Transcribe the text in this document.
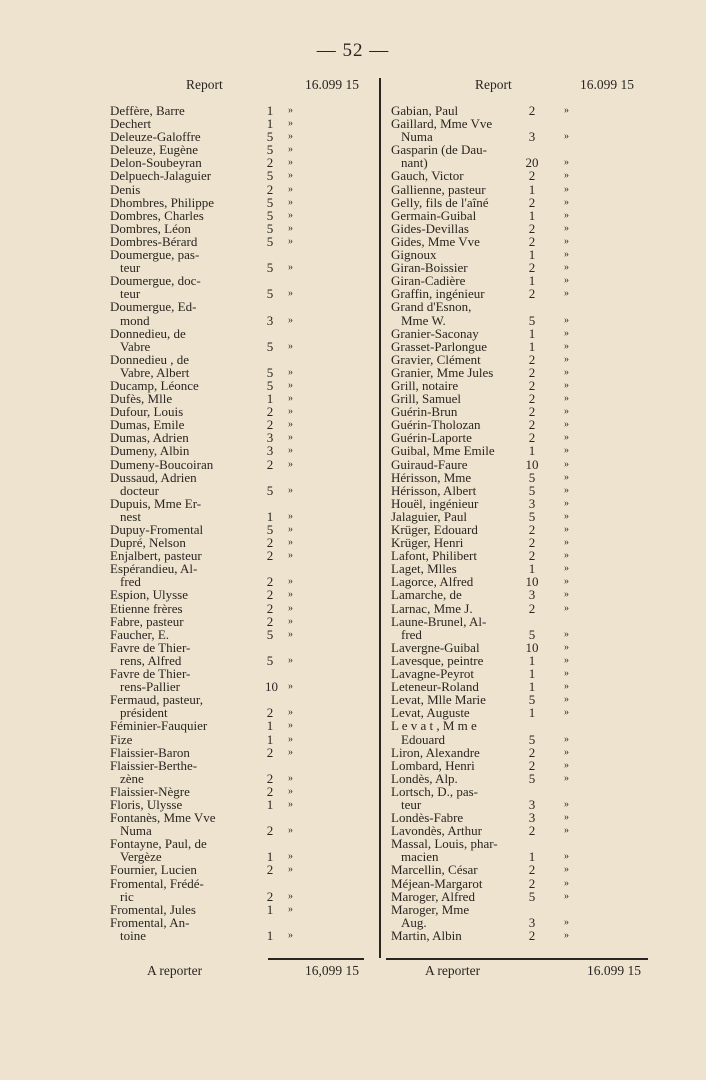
— 52 —
Report	16.099 15	Report	16.099 15
Deffère, Barre	1 »
Dechert	1 »
Deleuze-Galoffre	5 »
Deleuze, Eugène	5 »
Delon-Soubeyran	2 »
Delpuech-Jalaguier	5 »
Denis	2 »
Dhombres, Philippe	5 »
Dombres, Charles	5 »
Dombres, Léon	5 »
Dombres-Bérard	5 »
Doumergue, pas-
teur	5 »
Doumergue, doc-
teur	5 »
Doumergue, Ed-
mond	3 »
Donnedieu, de
Vabre	5 »
Donnedieu , de
Vabre, Albert	5 »
Ducamp, Léonce	5 »
Dufès, Mlle	1 »
Dufour, Louis	2 »
Dumas, Emile	2 »
Dumas, Adrien	3 »
Dumeny, Albin	3 »
Dumeny-Boucoiran	2 »
Dussaud, Adrien
docteur	5 »
Dupuis, Mme Er-
nest	1 »
Dupuy-Fromental	5 »
Dupré, Nelson	2 »
Enjalbert, pasteur	2 »
Espérandieu, Al-
fred	2 »
Espion, Ulysse	2 »
Etienne frères	2 »
Fabre, pasteur	2 »
Faucher, E.	5 »
Favre de Thier-
rens, Alfred	5 »
Favre de Thier-
rens-Pallier	10 »
Fermaud, pasteur,
président	2 »
Féminier-Fauquier	1 »
Fize	1 »
Flaissier-Baron	2 »
Flaissier-Berthe-
zène	2 »
Flaissier-Nègre	2 »
Floris, Ulysse	1 »
Fontanès, Mme Vve
Numa	2 »
Fontayne, Paul, de
Vergèze	1 »
Fournier, Lucien	2 »
Fromental, Frédé-
ric	2 »
Fromental, Jules	1 »
Fromental, An-
toine	1 »
Gabian, Paul	2	»
Gaillard, Mme Vve
Numa	3	»
Gasparin (de Dau-
nant)	20	»
Gauch, Victor	2	»
Gallienne, pasteur	1	»
Gelly, fils de l'aîné	2	»
Germain-Guibal	1	»
Gides-Devillas	2	»
Gides, Mme Vve	2	»
Gignoux	1	»
Giran-Boissier	2	»
Giran-Cadière	1	»
Graffin, ingénieur	2	»
Grand d'Esnon,
Mme W.	5	»
Granier-Saconay	1	»
Grasset-Parlongue	1	»
Gravier, Clément	2	»
Granier, Mme Jules	2	»
Grill, notaire	2	»
Grill, Samuel	2	»
Guérin-Brun	2	»
Guérin-Tholozan	2	»
Guérin-Laporte	2	»
Guibal, Mme Emile	1	»
Guiraud-Faure	10	»
Hérisson, Mme	5	»
Hérisson, Albert	5	»
Houël, ingénieur	3	»
Jalaguier, Paul	5	»
Krüger, Edouard	2	»
Krüger, Henri	2	»
Lafont, Philibert	2	»
Laget, Mlles	1	»
Lagorce, Alfred	10	»
Lamarche, de	3	»
Larnac, Mme J.	2	»
Laune-Brunel, Al-
fred	5	»
Lavergne-Guibal	10	»
Lavesque, peintre	1	»
Lavagne-Peyrot	1	»
Leteneur-Roland	1	»
Levat, Mlle Marie	5	»
Levat, Auguste	1	»
L e v a t , M m e
Edouard	5	»
Liron, Alexandre	2	»
Lombard, Henri	2	»
Londès, Alp.	5	»
Lortsch, D., pas-
teur	3	»
Londès-Fabre	3	»
Lavondès, Arthur	2	»
Massal, Louis, phar-
macien	1	»
Marcellin, César	2	»
Méjean-Margarot	2	»
Maroger, Alfred	5	»
Maroger, Mme
Aug.	3	»
Martin, Albin	2	»
A reporter	16,099 15	A reporter	16.099 15
